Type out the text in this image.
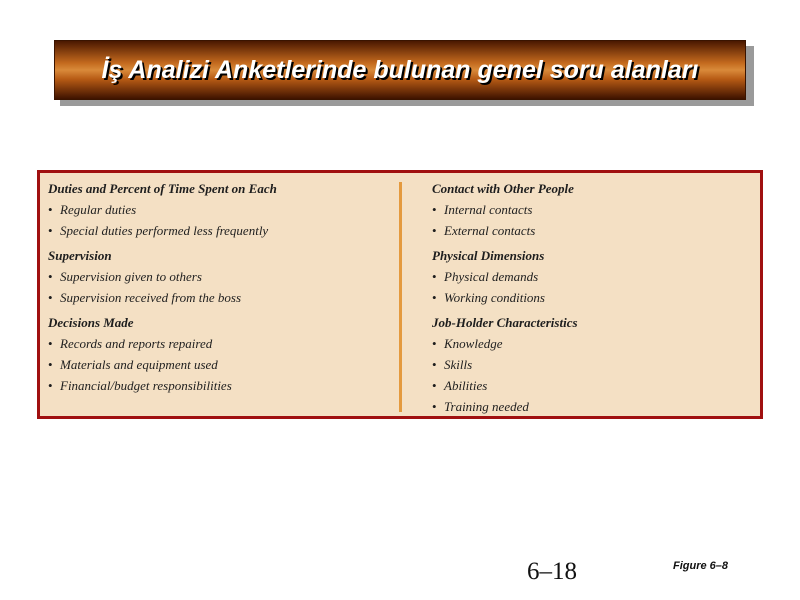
İş Analizi Anketlerinde bulunan genel soru alanları
Duties and Percent of Time Spent on Each
• Regular duties
• Special duties performed less frequently
Supervision
• Supervision given to others
• Supervision received from the boss
Decisions Made
• Records and reports repaired
• Materials and equipment used
• Financial/budget responsibilities
Contact with Other People
• Internal contacts
• External contacts
Physical Dimensions
• Physical demands
• Working conditions
Job-Holder Characteristics
• Knowledge
• Skills
• Abilities
• Training needed
6–18	Figure 6–8
